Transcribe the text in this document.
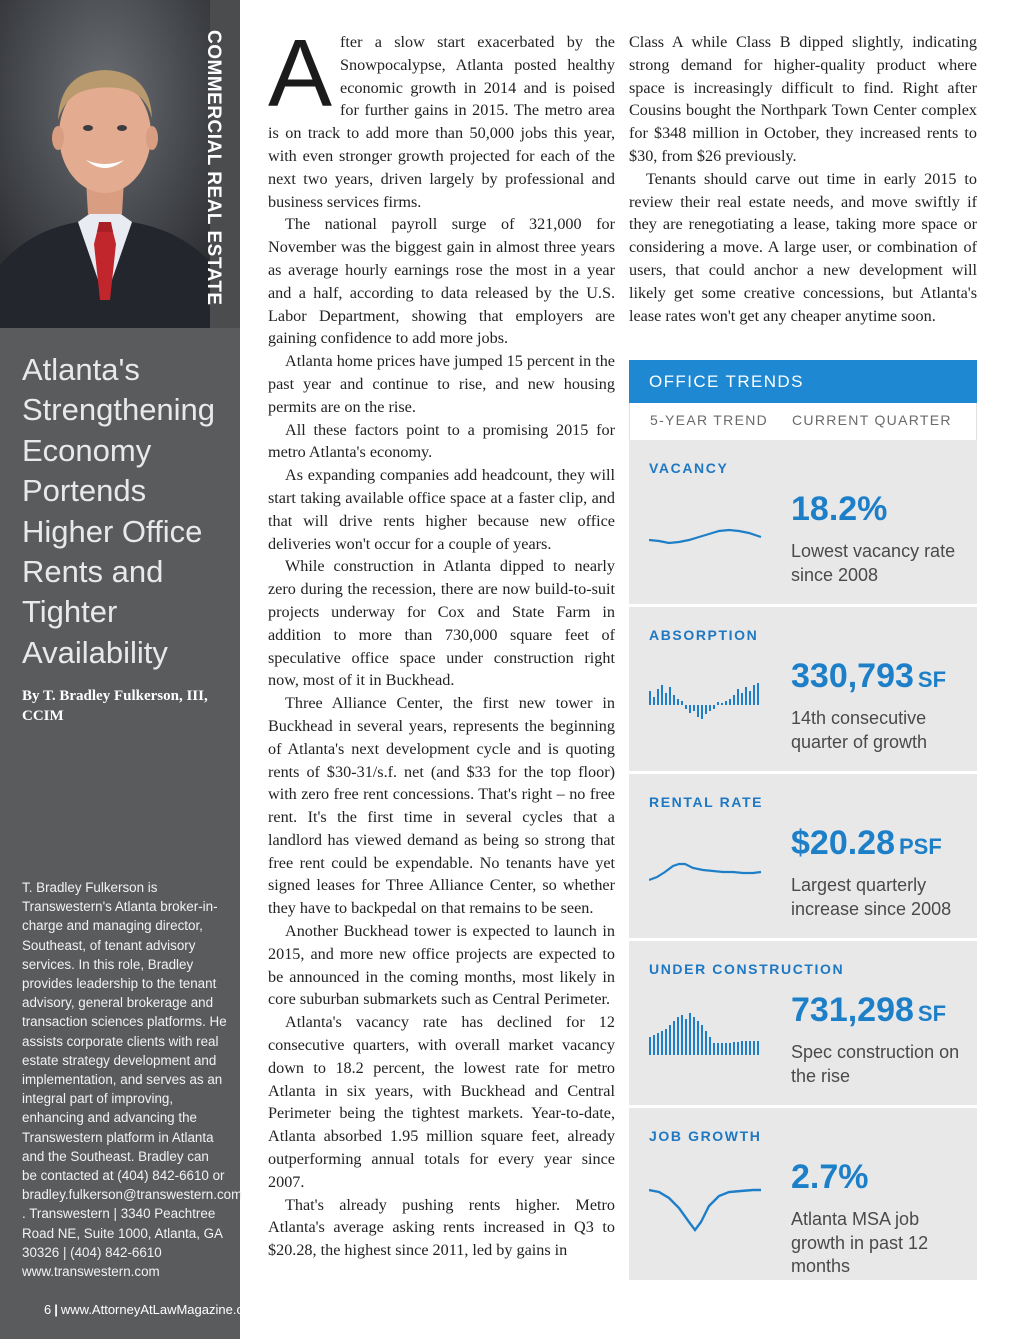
COMMERCIAL REAL ESTATE
Atlanta's Strengthening Economy Portends Higher Office Rents and Tighter Availability

By T. Bradley Fulkerson, III, CCIM

T. Bradley Fulkerson is Transwestern's Atlanta broker-in-charge and managing director, Southeast, of tenant advisory services. In this role, Bradley provides leadership to the tenant advisory, general brokerage and transaction sciences platforms. He assists corporate clients with real estate strategy development and implementation, and serves as an integral part of improving, enhancing and advancing the Transwestern platform in Atlanta and the Southeast. Bradley can be contacted at (404) 842-6610 or bradley.fulkerson@transwestern.com . Transwestern | 3340 Peachtree Road NE, Suite 1000, Atlanta, GA 30326 | (404) 842-6610 www.transwestern.com

6 | www.AttorneyAtLawMagazine.com

After a slow start exacerbated by the Snowpocalypse, Atlanta posted healthy economic growth in 2014 and is poised for further gains in 2015. The metro area is on track to add more than 50,000 jobs this year, with even stronger growth projected for each of the next two years, driven largely by professional and business services firms.

The national payroll surge of 321,000 for November was the biggest gain in almost three years as average hourly earnings rose the most in a year and a half, according to data released by the U.S. Labor Department, showing that employers are gaining confidence to add more jobs.

Atlanta home prices have jumped 15 percent in the past year and continue to rise, and new housing permits are on the rise.

All these factors point to a promising 2015 for metro Atlanta's economy.

As expanding companies add headcount, they will start taking available office space at a faster clip, and that will drive rents higher because new office deliveries won't occur for a couple of years.

While construction in Atlanta dipped to nearly zero during the recession, there are now build-to-suit projects underway for Cox and State Farm in addition to more than 730,000 square feet of speculative office space under construction right now, most of it in Buckhead.

Three Alliance Center, the first new tower in Buckhead in several years, represents the beginning of Atlanta's next development cycle and is quoting rents of $30-31/s.f. net (and $33 for the top floor) with zero free rent concessions. That's right – no free rent. It's the first time in several cycles that a landlord has viewed demand as being so strong that free rent could be expendable. No tenants have yet signed leases for Three Alliance Center, so whether they have to backpedal on that remains to be seen.

Another Buckhead tower is expected to launch in 2015, and more new office projects are expected to be announced in the coming months, most likely in core suburban submarkets such as Central Perimeter.

Atlanta's vacancy rate has declined for 12 consecutive quarters, with overall market vacancy down to 18.2 percent, the lowest rate for metro Atlanta in six years, with Buckhead and Central Perimeter being the tightest markets. Year-to-date, Atlanta absorbed 1.95 million square feet, already outperforming annual totals for every year since 2007.

That's already pushing rents higher. Metro Atlanta's average asking rents increased in Q3 to $20.28, the highest since 2011, led by gains in

Class A while Class B dipped slightly, indicating strong demand for higher-quality product where space is increasingly difficult to find. Right after Cousins bought the Northpark Town Center complex for $348 million in October, they increased rents to $30, from $26 previously.

Tenants should carve out time in early 2015 to review their real estate needs, and move swiftly if they are renegotiating a lease, taking more space or considering a move. A large user, or combination of users, that could anchor a new development will likely get some creative concessions, but Atlanta's lease rates won't get any cheaper anytime soon.

OFFICE TRENDS
5-YEAR TREND CURRENT QUARTER
VACANCY
18.2%
Lowest vacancy rate since 2008
ABSORPTION
330,793 SF
14th consecutive quarter of growth
RENTAL RATE
$20.28 PSF
Largest quarterly increase since 2008
UNDER CONSTRUCTION
731,298 SF
Spec construction on the rise
JOB GROWTH
2.7%
Atlanta MSA job growth in past 12 months
